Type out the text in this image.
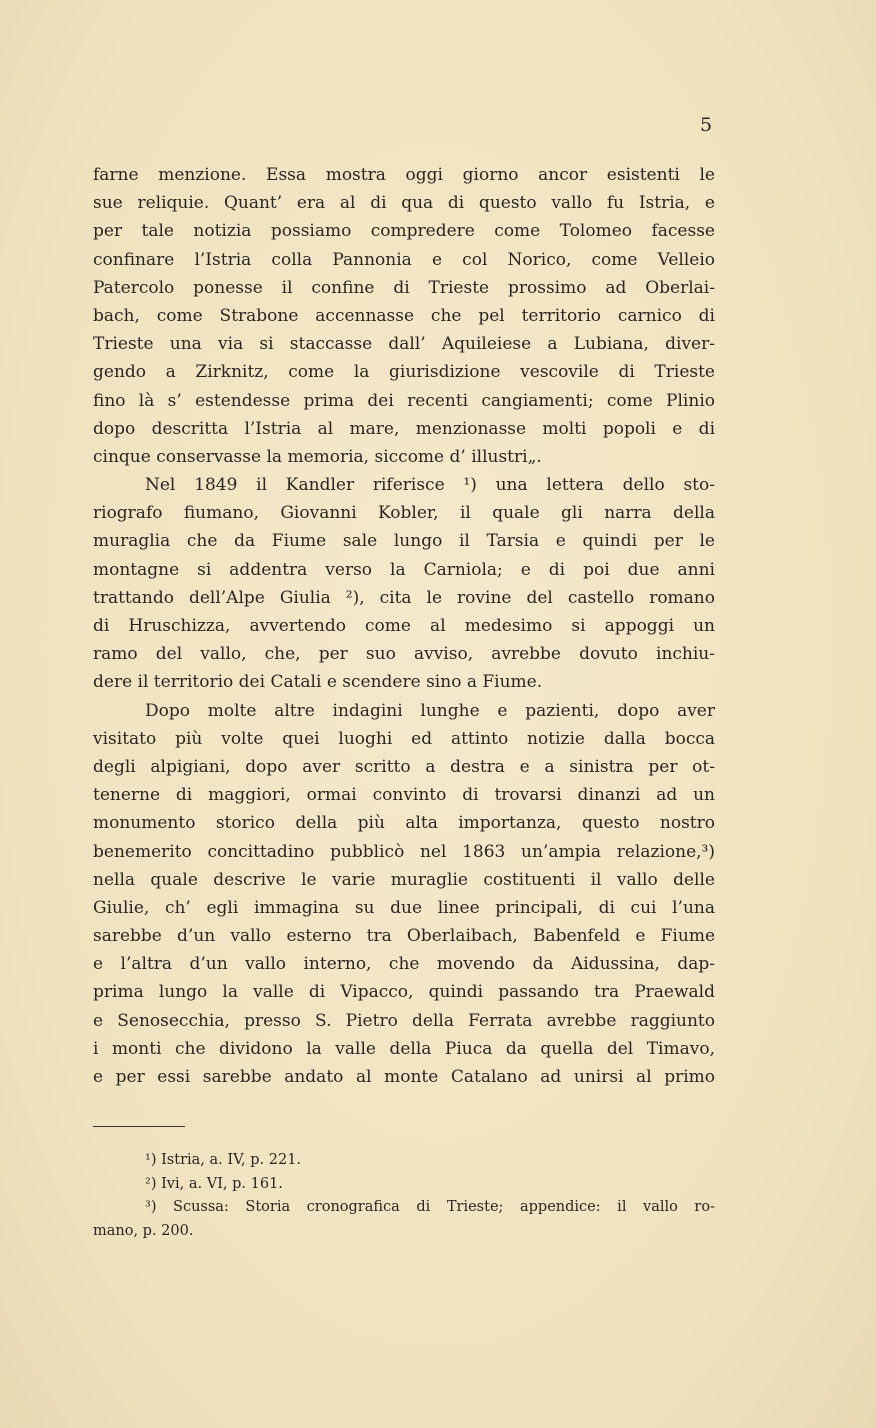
5
farne menzione. Essa mostra oggi giorno ancor esistenti le
sue reliquie. Quant’ era al di qua di questo vallo fu Istria, e
per tale notizia possiamo compredere come Tolomeo facesse
confinare l’Istria colla Pannonia e col Norico, come Velleio
Patercolo ponesse il confine di Trieste prossimo ad Oberlai-
bach, come Strabone accennasse che pel territorio carnico di
Trieste una via si staccasse dall’ Aquileiese a Lubiana, diver-
gendo a Zirknitz, come la giurisdizione vescovile di Trieste
fino là s’ estendesse prima dei recenti cangiamenti; come Plinio
dopo descritta l’Istria al mare, menzionasse molti popoli e di
cinque conservasse la memoria, siccome d’ illustri„.
Nel 1849 il Kandler riferisce ¹) una lettera dello sto-
riografo fiumano, Giovanni Kobler, il quale gli narra della
muraglia che da Fiume sale lungo il Tarsia e quindi per le
montagne si addentra verso la Carniola; e di poi due anni
trattando dell’Alpe Giulia ²), cita le rovine del castello romano
di Hruschizza, avvertendo come al medesimo si appoggi un
ramo del vallo, che, per suo avviso, avrebbe dovuto inchiu-
dere il territorio dei Catali e scendere sino a Fiume.
Dopo molte altre indagini lunghe e pazienti, dopo aver
visitato più volte quei luoghi ed attinto notizie dalla bocca
degli alpigiani, dopo aver scritto a destra e a sinistra per ot-
tenerne di maggiori, ormai convinto di trovarsi dinanzi ad un
monumento storico della più alta importanza, questo nostro
benemerito concittadino pubblicò nel 1863 un’ampia relazione,³)
nella quale descrive le varie muraglie costituenti il vallo delle
Giulie, ch’ egli immagina su due linee principali, di cui l’una
sarebbe d’un vallo esterno tra Oberlaibach, Babenfeld e Fiume
e l’altra d’un vallo interno, che movendo da Aidussina, dap-
prima lungo la valle di Vipacco, quindi passando tra Praewald
e Senosecchia, presso S. Pietro della Ferrata avrebbe raggiunto
i monti che dividono la valle della Piuca da quella del Timavo,
e per essi sarebbe andato al monte Catalano ad unirsi al primo
¹) Istria, a. IV, p. 221.
²) Ivi, a. VI, p. 161.
³) Scussa: Storia cronografica di Trieste; appendice: il vallo ro-
mano, p. 200.
